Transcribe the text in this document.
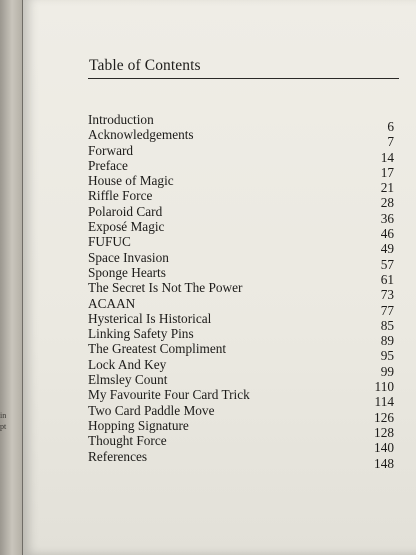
in
pt
Table of Contents
Introduction	6
Acknowledgements	7
Forward	14
Preface	17
House of Magic	21
Riffle Force	28
Polaroid Card	36
Exposé Magic	46
FUFUC	49
Space Invasion	57
Sponge Hearts	61
The Secret Is Not The Power	73
ACAAN	77
Hysterical Is Historical	85
Linking Safety Pins	89
The Greatest Compliment	95
Lock And Key	99
Elmsley Count	110
My Favourite Four Card Trick	114
Two Card Paddle Move	126
Hopping Signature	128
Thought Force	140
References	148
